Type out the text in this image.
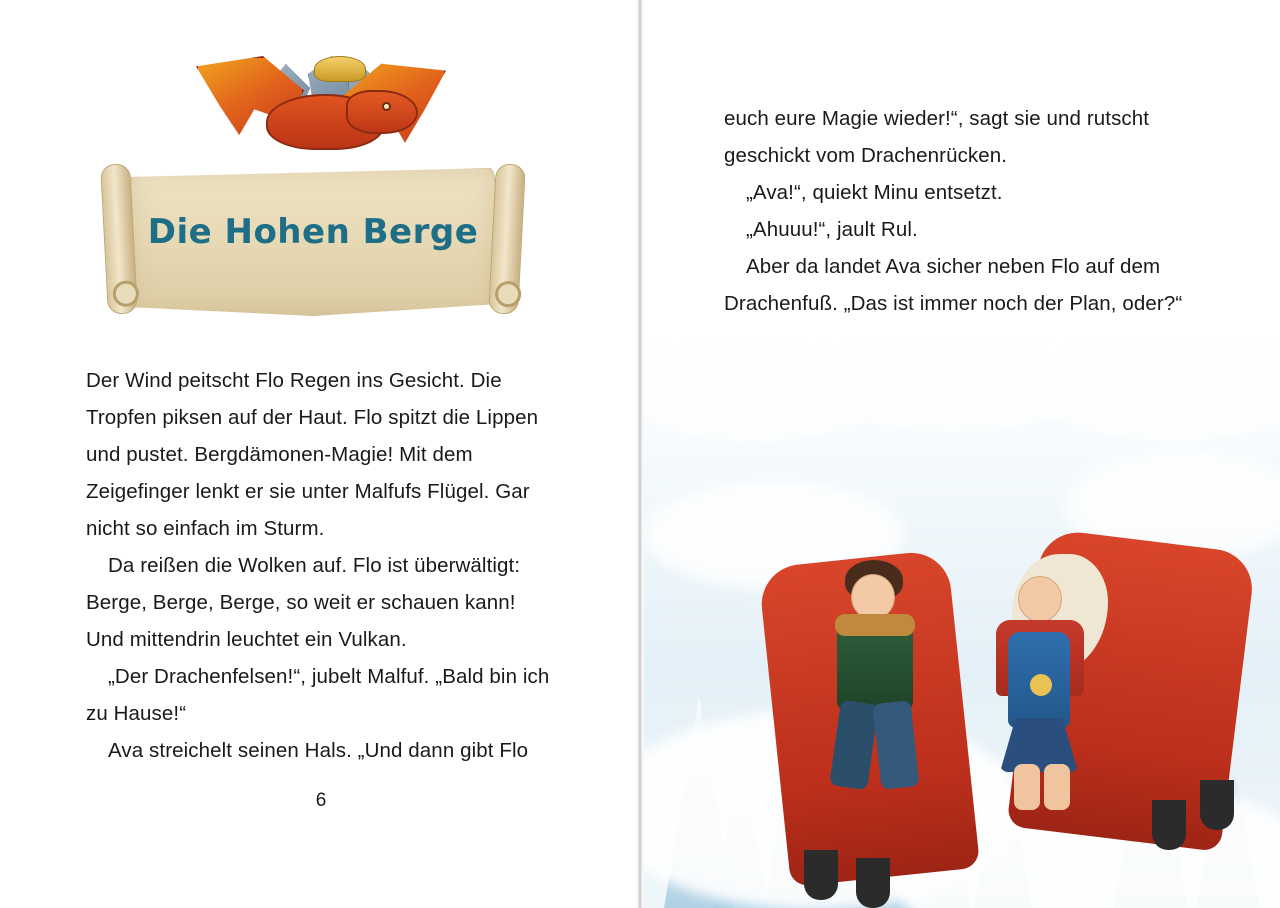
Die Hohen Berge

Der Wind peitscht Flo Regen ins Gesicht. Die Tropfen piksen auf der Haut. Flo spitzt die Lippen und pustet. Bergdämonen-Magie! Mit dem Zeigefinger lenkt er sie unter Malfufs Flügel. Gar nicht so einfach im Sturm.

Da reißen die Wolken auf. Flo ist überwältigt: Berge, Berge, Berge, so weit er schauen kann! Und mittendrin leuchtet ein Vulkan.

„Der Drachenfelsen!“, jubelt Malfuf. „Bald bin ich zu Hause!“

Ava streichelt seinen Hals. „Und dann gibt Flo

6

euch eure Magie wieder!“, sagt sie und rutscht geschickt vom Drachenrücken.

„Ava!“, quiekt Minu entsetzt.

„Ahuuu!“, jault Rul.

Aber da landet Ava sicher neben Flo auf dem Drachenfuß. „Das ist immer noch der Plan, oder?“
